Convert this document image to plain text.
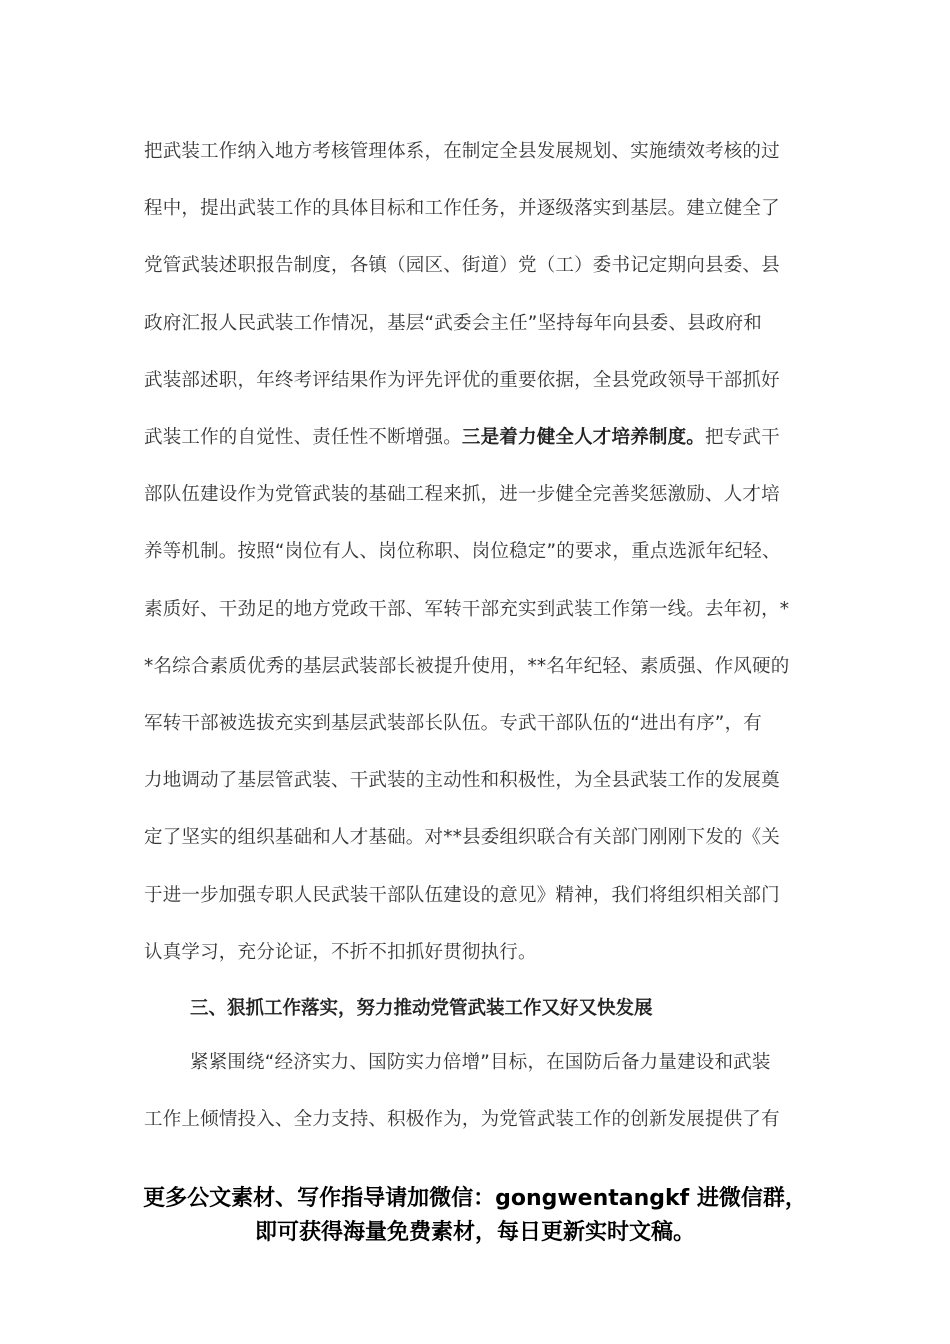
把武装工作纳入地方考核管理体系，在制定全县发展规划、实施绩效考核的过
程中，提出武装工作的具体目标和工作任务，并逐级落实到基层。建立健全了
党管武装述职报告制度，各镇（园区、街道）党（工）委书记定期向县委、县
政府汇报人民武装工作情况，基层“武委会主任”坚持每年向县委、县政府和
武装部述职，年终考评结果作为评先评优的重要依据，全县党政领导干部抓好
武装工作的自觉性、责任性不断增强。三是着力健全人才培养制度。把专武干
部队伍建设作为党管武装的基础工程来抓，进一步健全完善奖惩激励、人才培
养等机制。按照“岗位有人、岗位称职、岗位稳定”的要求，重点选派年纪轻、
素质好、干劲足的地方党政干部、军转干部充实到武装工作第一线。去年初，*
*名综合素质优秀的基层武装部长被提升使用，**名年纪轻、素质强、作风硬的
军转干部被选拔充实到基层武装部长队伍。专武干部队伍的“进出有序”，有
力地调动了基层管武装、干武装的主动性和积极性，为全县武装工作的发展奠
定了坚实的组织基础和人才基础。对**县委组织联合有关部门刚刚下发的《关
于进一步加强专职人民武装干部队伍建设的意见》精神，我们将组织相关部门
认真学习，充分论证，不折不扣抓好贯彻执行。
三、狠抓工作落实，努力推动党管武装工作又好又快发展
紧紧围绕“经济实力、国防实力倍增”目标，在国防后备力量建设和武装
工作上倾情投入、全力支持、积极作为，为党管武装工作的创新发展提供了有
更多公文素材、写作指导请加微信：gongwentangkf 进微信群，
即可获得海量免费素材，每日更新实时文稿。
